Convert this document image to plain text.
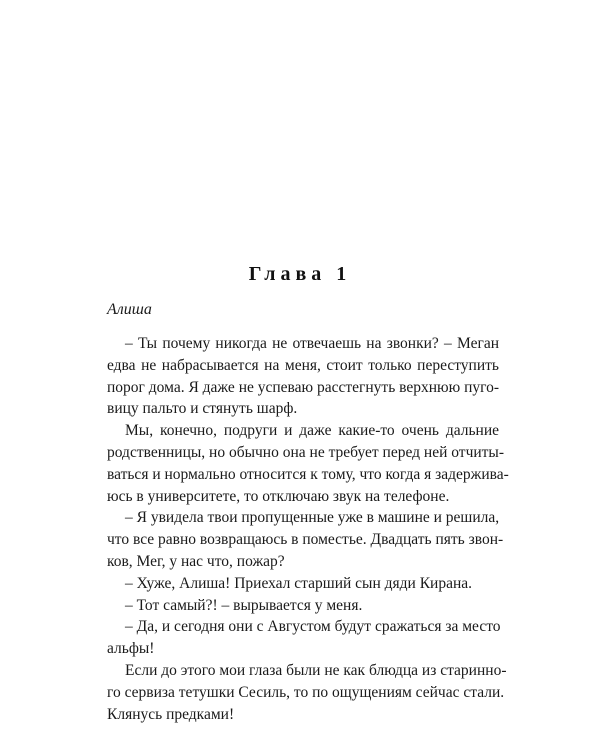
Глава 1
Алиша
– Ты почему никогда не отвечаешь на звонки? – Меган
едва не набрасывается на меня, стоит только переступить
порог дома. Я даже не успеваю расстегнуть верхнюю пуго-
вицу пальто и стянуть шарф.
Мы, конечно, подруги и даже какие-то очень дальние
родственницы, но обычно она не требует перед ней отчиты-
ваться и нормально относится к тому, что когда я задержива-
юсь в университете, то отключаю звук на телефоне.
– Я увидела твои пропущенные уже в машине и решила,
что все равно возвращаюсь в поместье. Двадцать пять звон-
ков, Мег, у нас что, пожар?
– Хуже, Алиша! Приехал старший сын дяди Кирана.
– Тот самый?! – вырывается у меня.
– Да, и сегодня они с Августом будут сражаться за место
альфы!
Если до этого мои глаза были не как блюдца из старинно-
го сервиза тетушки Сесиль, то по ощущениям сейчас стали.
Клянусь предками!
